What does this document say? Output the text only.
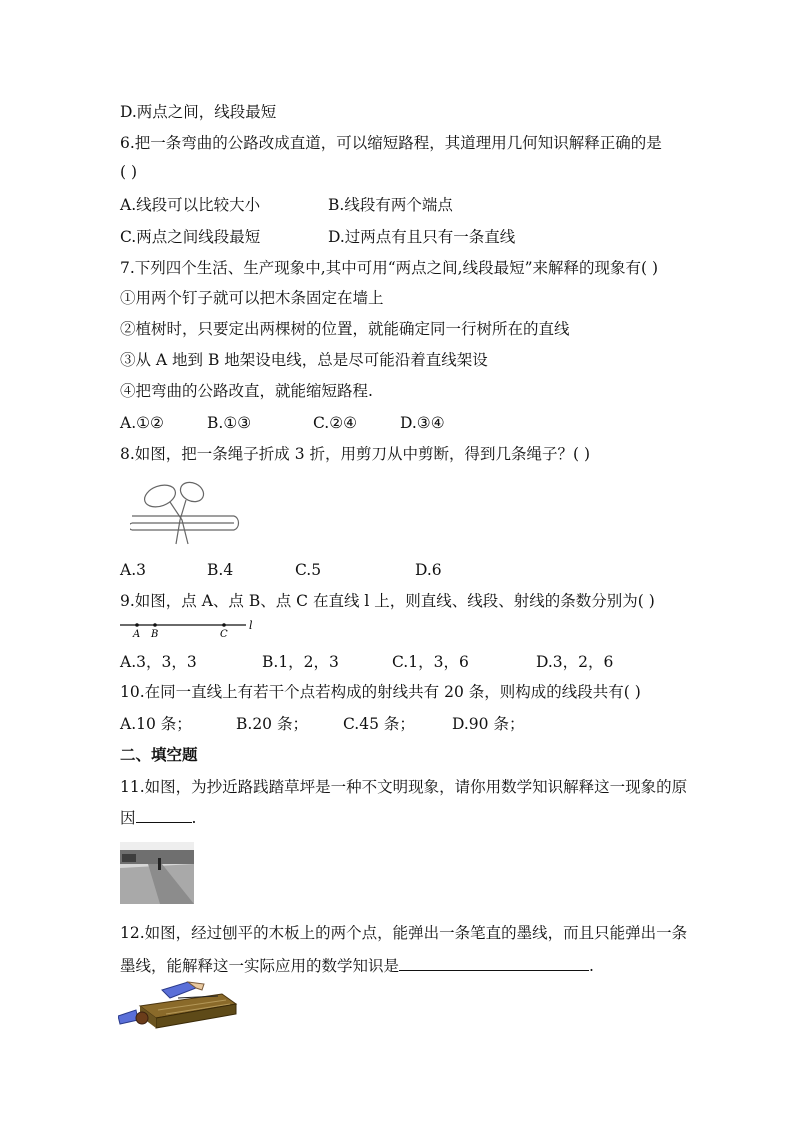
D.两点之间，线段最短
6.把一条弯曲的公路改成直道，可以缩短路程，其道理用几何知识解释正确的是
( )
A.线段可以比较大小	B.线段有两个端点
C.两点之间线段最短	D.过两点有且只有一条直线
7.下列四个生活、生产现象中,其中可用“两点之间,线段最短”来解释的现象有( )
①用两个钉子就可以把木条固定在墙上
②植树时，只要定出两棵树的位置，就能确定同一行树所在的直线
③从 A 地到 B 地架设电线，总是尽可能沿着直线架设
④把弯曲的公路改直，就能缩短路程.
A.①②	B.①③	C.②④	D.③④
8.如图，把一条绳子折成 3 折，用剪刀从中剪断，得到几条绳子？( )
A.3	B.4	C.5	D.6
9.如图，点 A、点 B、点 C 在直线 l 上，则直线、线段、射线的条数分别为( )
A B	C
l
A.3，3，3	B.1，2，3	C.1，3，6	D.3，2，6
10.在同一直线上有若干个点若构成的射线共有 20 条，则构成的线段共有( )
A.10 条；	B.20 条； C.45 条； D.90 条；
二、填空题
11.如图，为抄近路践踏草坪是一种不文明现象，请你用数学知识解释这一现象的原
因	.
12.如图，经过刨平的木板上的两个点，能弹出一条笔直的墨线，而且只能弹出一条
墨线，能解释这一实际应用的数学知识是	.
